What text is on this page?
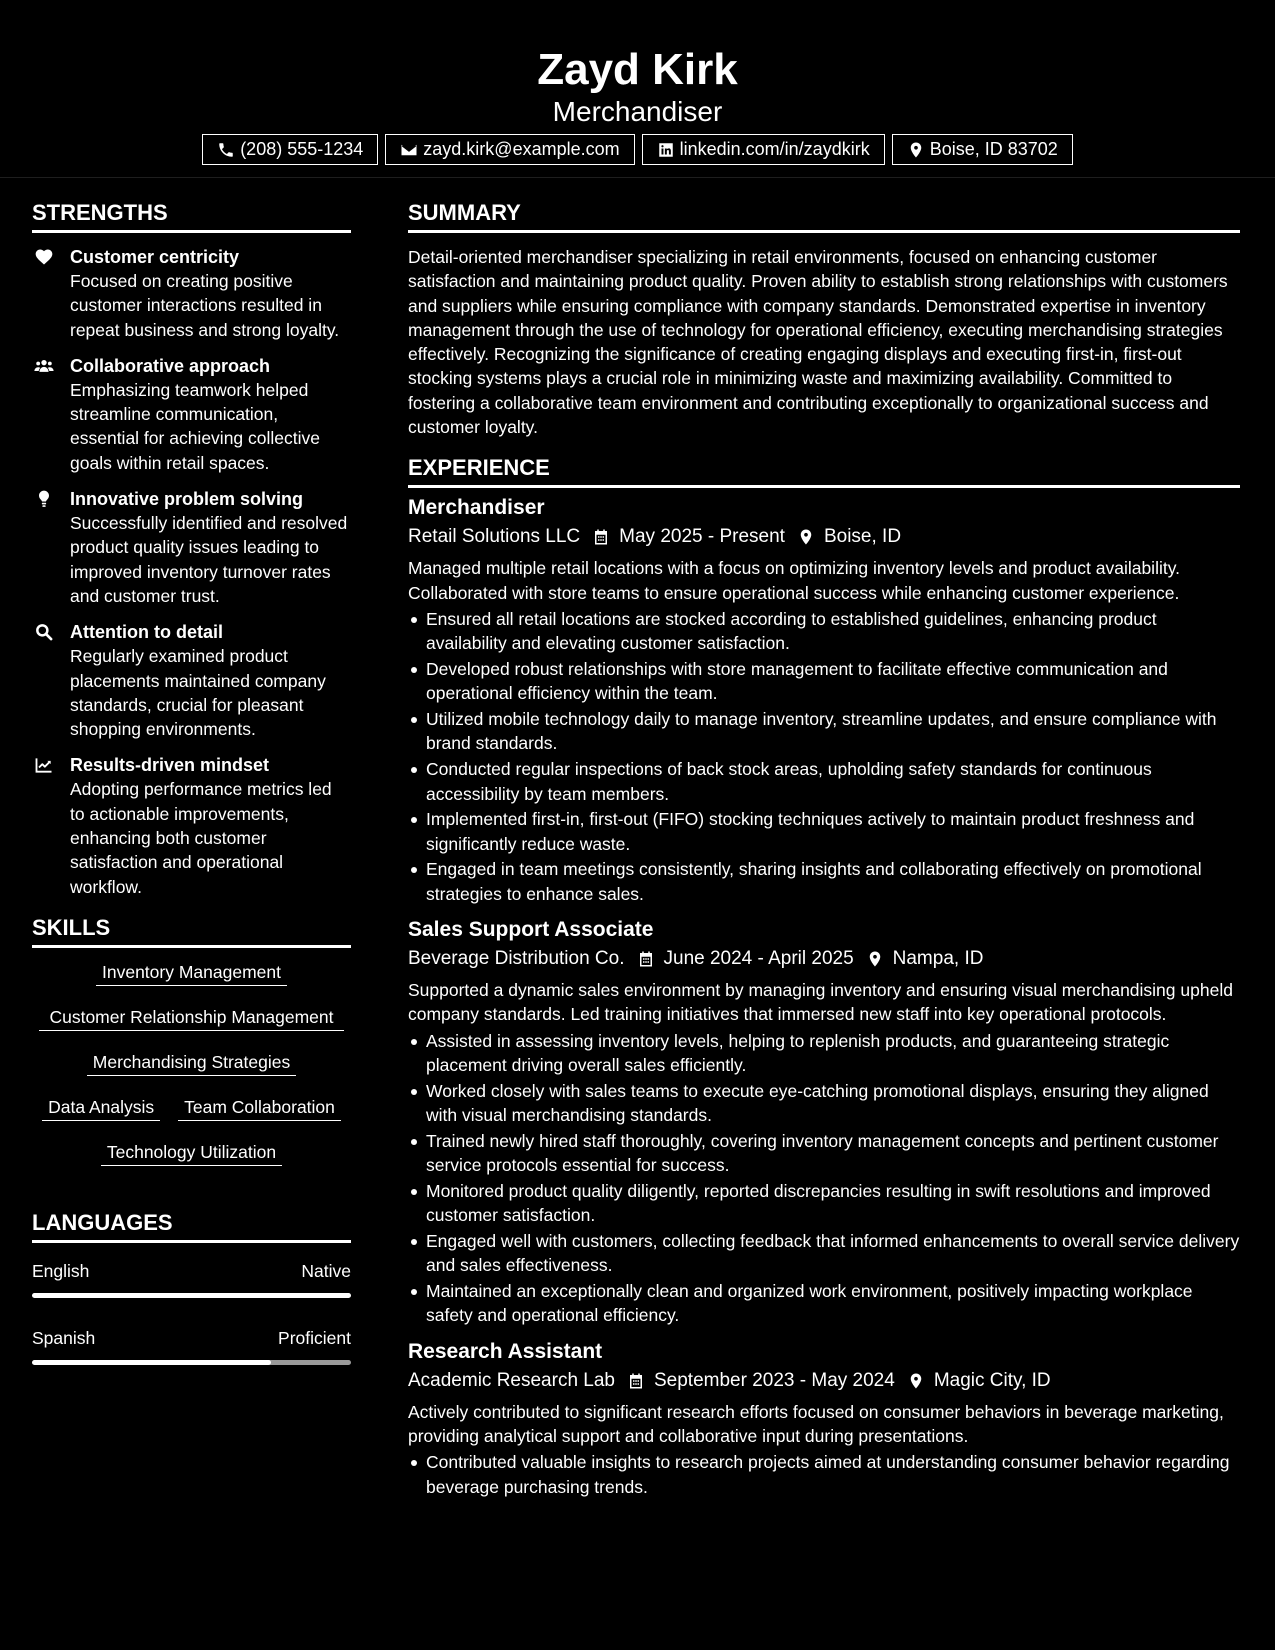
Zayd Kirk
Merchandiser
(208) 555-1234	zayd.kirk@example.com	linkedin.com/in/zaydkirk	Boise, ID 83702
STRENGTHS
Customer centricity
Focused on creating positive customer interactions resulted in repeat business and strong loyalty.
Collaborative approach
Emphasizing teamwork helped streamline communication, essential for achieving collective goals within retail spaces.
Innovative problem solving
Successfully identified and resolved product quality issues leading to improved inventory turnover rates and customer trust.
Attention to detail
Regularly examined product placements maintained company standards, crucial for pleasant shopping environments.
Results-driven mindset
Adopting performance metrics led to actionable improvements, enhancing both customer satisfaction and operational workflow.
SKILLS
Inventory Management
Customer Relationship Management
Merchandising Strategies
Data Analysis	Team Collaboration
Technology Utilization
LANGUAGES
English	Native
Spanish	Proficient
SUMMARY
Detail-oriented merchandiser specializing in retail environments, focused on enhancing customer satisfaction and maintaining product quality. Proven ability to establish strong relationships with customers and suppliers while ensuring compliance with company standards. Demonstrated expertise in inventory management through the use of technology for operational efficiency, executing merchandising strategies effectively. Recognizing the significance of creating engaging displays and executing first-in, first-out stocking systems plays a crucial role in minimizing waste and maximizing availability. Committed to fostering a collaborative team environment and contributing exceptionally to organizational success and customer loyalty.
EXPERIENCE
Merchandiser
Retail Solutions LLC May 2025 - Present Boise, ID
Managed multiple retail locations with a focus on optimizing inventory levels and product availability. Collaborated with store teams to ensure operational success while enhancing customer experience.
Ensured all retail locations are stocked according to established guidelines, enhancing product availability and elevating customer satisfaction.
Developed robust relationships with store management to facilitate effective communication and operational efficiency within the team.
Utilized mobile technology daily to manage inventory, streamline updates, and ensure compliance with brand standards.
Conducted regular inspections of back stock areas, upholding safety standards for continuous accessibility by team members.
Implemented first-in, first-out (FIFO) stocking techniques actively to maintain product freshness and significantly reduce waste.
Engaged in team meetings consistently, sharing insights and collaborating effectively on promotional strategies to enhance sales.
Sales Support Associate
Beverage Distribution Co. June 2024 - April 2025 Nampa, ID
Supported a dynamic sales environment by managing inventory and ensuring visual merchandising upheld company standards. Led training initiatives that immersed new staff into key operational protocols.
Assisted in assessing inventory levels, helping to replenish products, and guaranteeing strategic placement driving overall sales efficiently.
Worked closely with sales teams to execute eye-catching promotional displays, ensuring they aligned with visual merchandising standards.
Trained newly hired staff thoroughly, covering inventory management concepts and pertinent customer service protocols essential for success.
Monitored product quality diligently, reported discrepancies resulting in swift resolutions and improved customer satisfaction.
Engaged well with customers, collecting feedback that informed enhancements to overall service delivery and sales effectiveness.
Maintained an exceptionally clean and organized work environment, positively impacting workplace safety and operational efficiency.
Research Assistant
Academic Research Lab September 2023 - May 2024 Magic City, ID
Actively contributed to significant research efforts focused on consumer behaviors in beverage marketing, providing analytical support and collaborative input during presentations.
Contributed valuable insights to research projects aimed at understanding consumer behavior regarding beverage purchasing trends.
